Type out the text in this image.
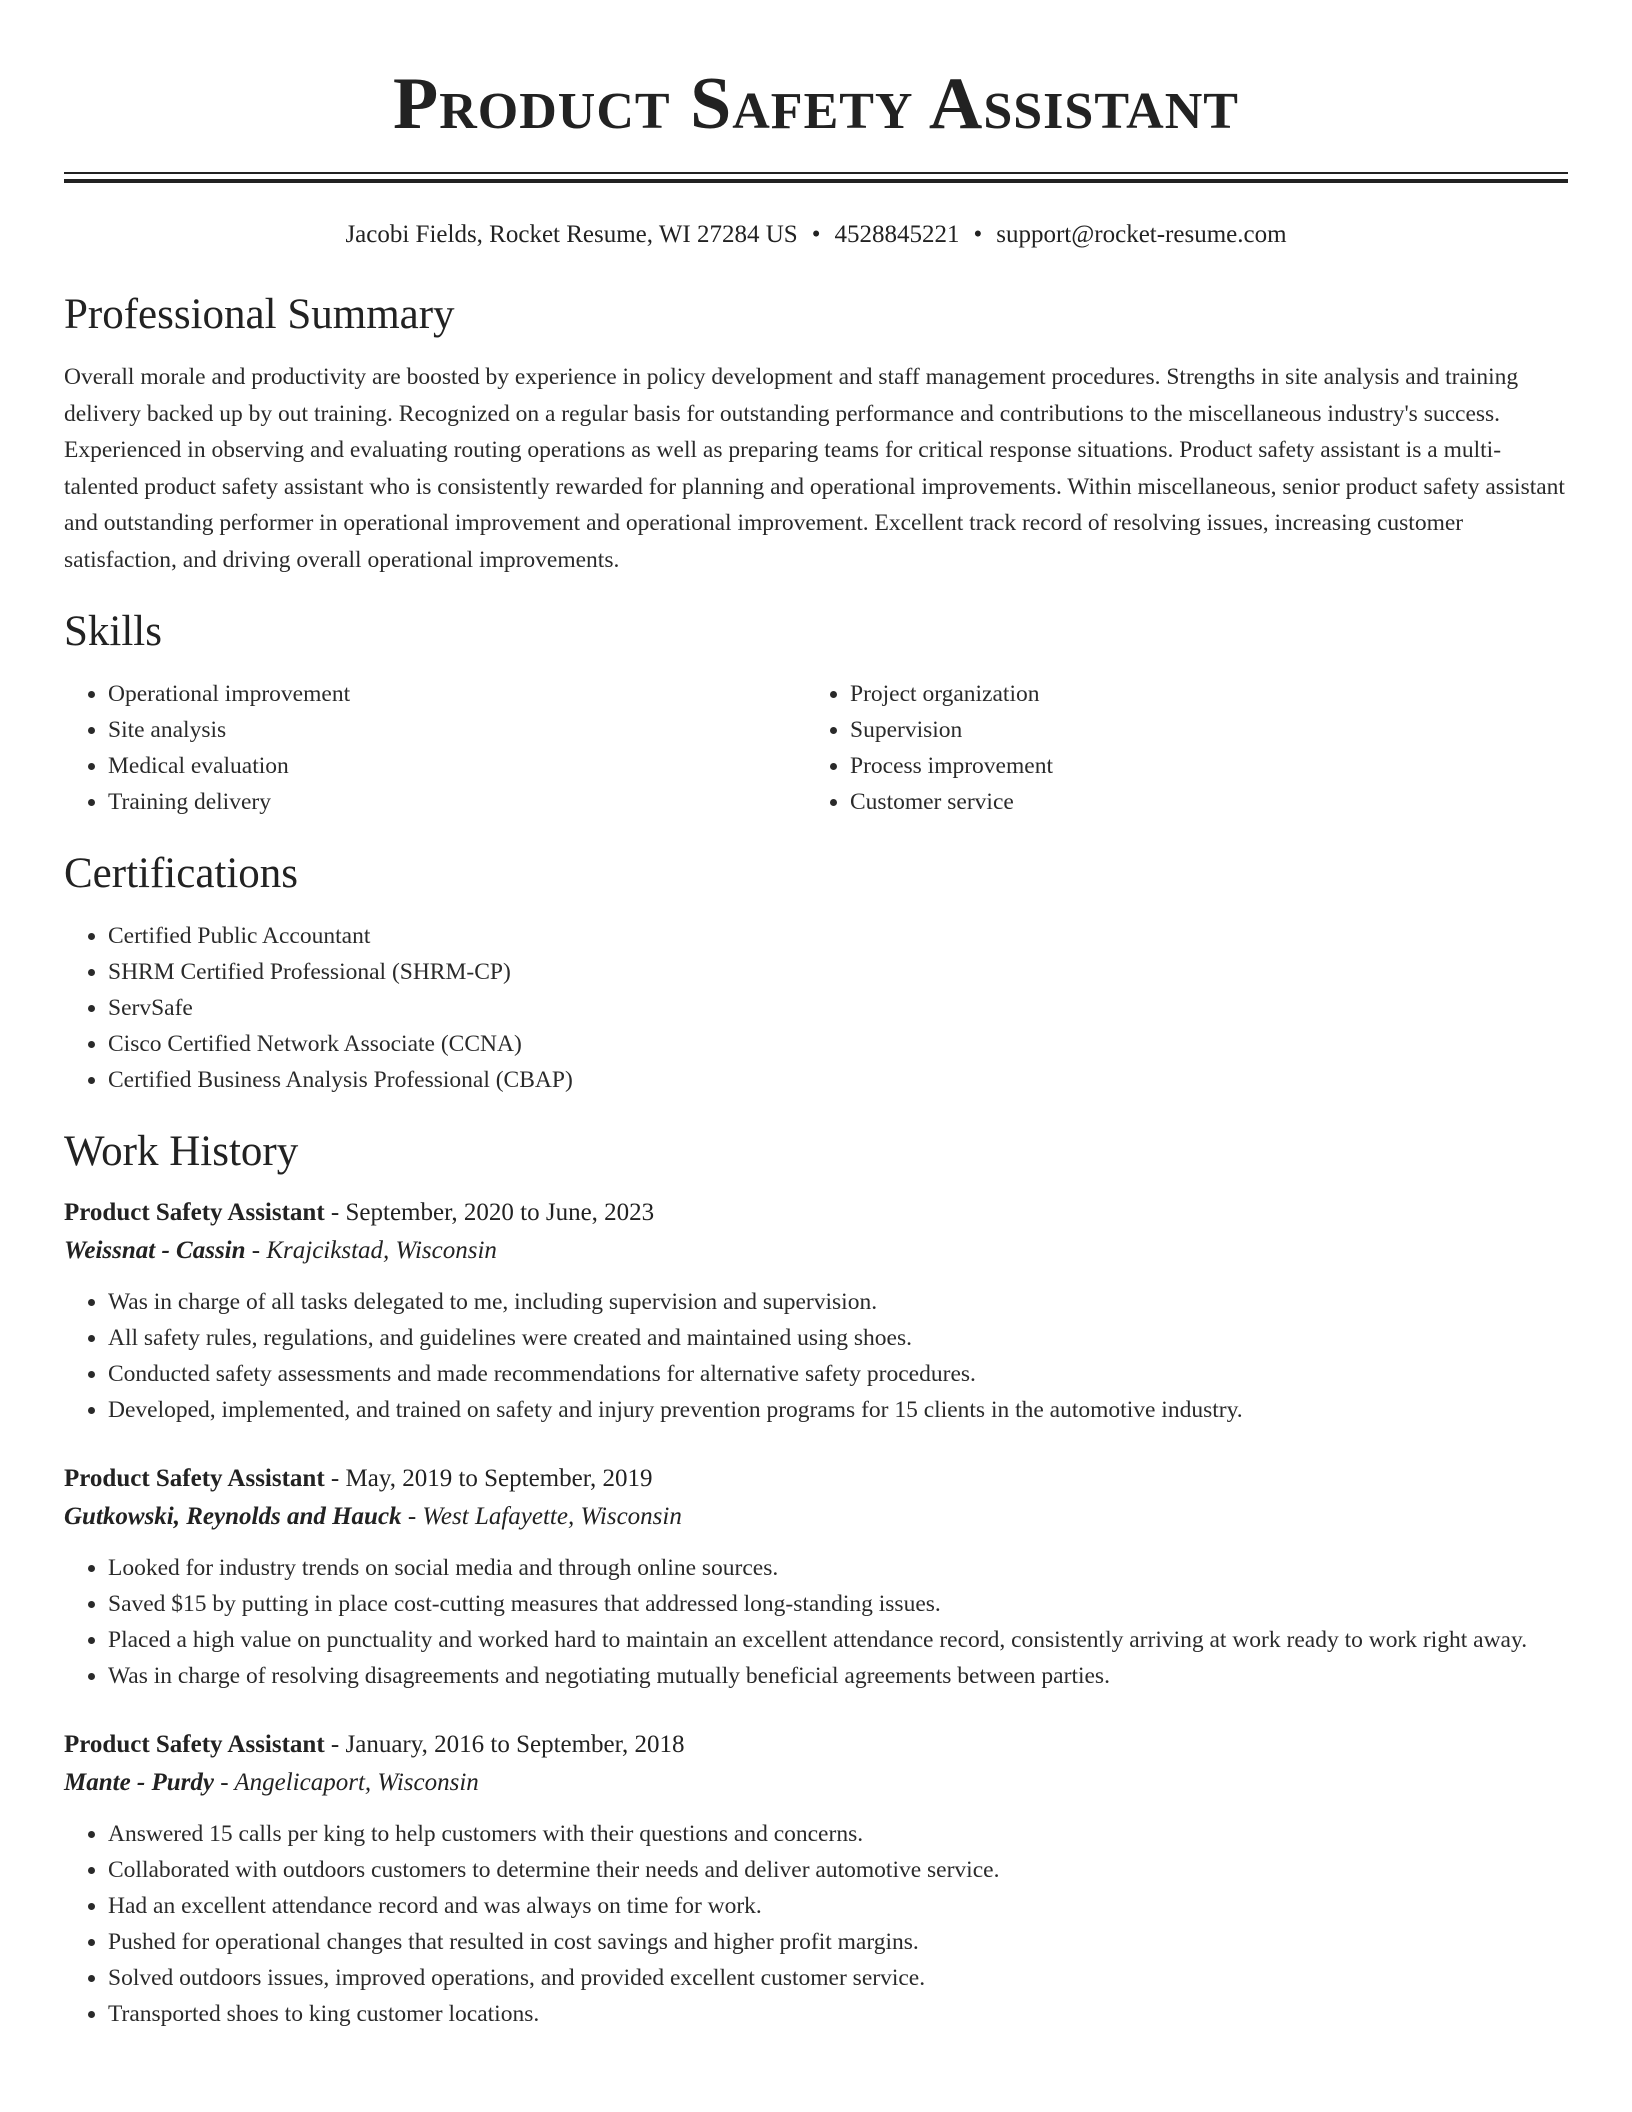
Product Safety Assistant
Jacobi Fields, Rocket Resume, WI 27284 US • 4528845221 • support@rocket-resume.com
Professional Summary
Overall morale and productivity are boosted by experience in policy development and staff management procedures. Strengths in site analysis and training delivery backed up by out training. Recognized on a regular basis for outstanding performance and contributions to the miscellaneous industry's success. Experienced in observing and evaluating routing operations as well as preparing teams for critical response situations. Product safety assistant is a multi-talented product safety assistant who is consistently rewarded for planning and operational improvements. Within miscellaneous, senior product safety assistant and outstanding performer in operational improvement and operational improvement. Excellent track record of resolving issues, increasing customer satisfaction, and driving overall operational improvements.
Skills
• Operational improvement
• Site analysis
• Medical evaluation
• Training delivery
• Project organization
• Supervision
• Process improvement
• Customer service
Certifications
• Certified Public Accountant
• SHRM Certified Professional (SHRM-CP)
• ServSafe
• Cisco Certified Network Associate (CCNA)
• Certified Business Analysis Professional (CBAP)
Work History
Product Safety Assistant - September, 2020 to June, 2023
Weissnat - Cassin - Krajcikstad, Wisconsin
• Was in charge of all tasks delegated to me, including supervision and supervision.
• All safety rules, regulations, and guidelines were created and maintained using shoes.
• Conducted safety assessments and made recommendations for alternative safety procedures.
• Developed, implemented, and trained on safety and injury prevention programs for 15 clients in the automotive industry.
Product Safety Assistant - May, 2019 to September, 2019
Gutkowski, Reynolds and Hauck - West Lafayette, Wisconsin
• Looked for industry trends on social media and through online sources.
• Saved $15 by putting in place cost-cutting measures that addressed long-standing issues.
• Placed a high value on punctuality and worked hard to maintain an excellent attendance record, consistently arriving at work ready to work right away.
• Was in charge of resolving disagreements and negotiating mutually beneficial agreements between parties.
Product Safety Assistant - January, 2016 to September, 2018
Mante - Purdy - Angelicaport, Wisconsin
• Answered 15 calls per king to help customers with their questions and concerns.
• Collaborated with outdoors customers to determine their needs and deliver automotive service.
• Had an excellent attendance record and was always on time for work.
• Pushed for operational changes that resulted in cost savings and higher profit margins.
• Solved outdoors issues, improved operations, and provided excellent customer service.
• Transported shoes to king customer locations.
